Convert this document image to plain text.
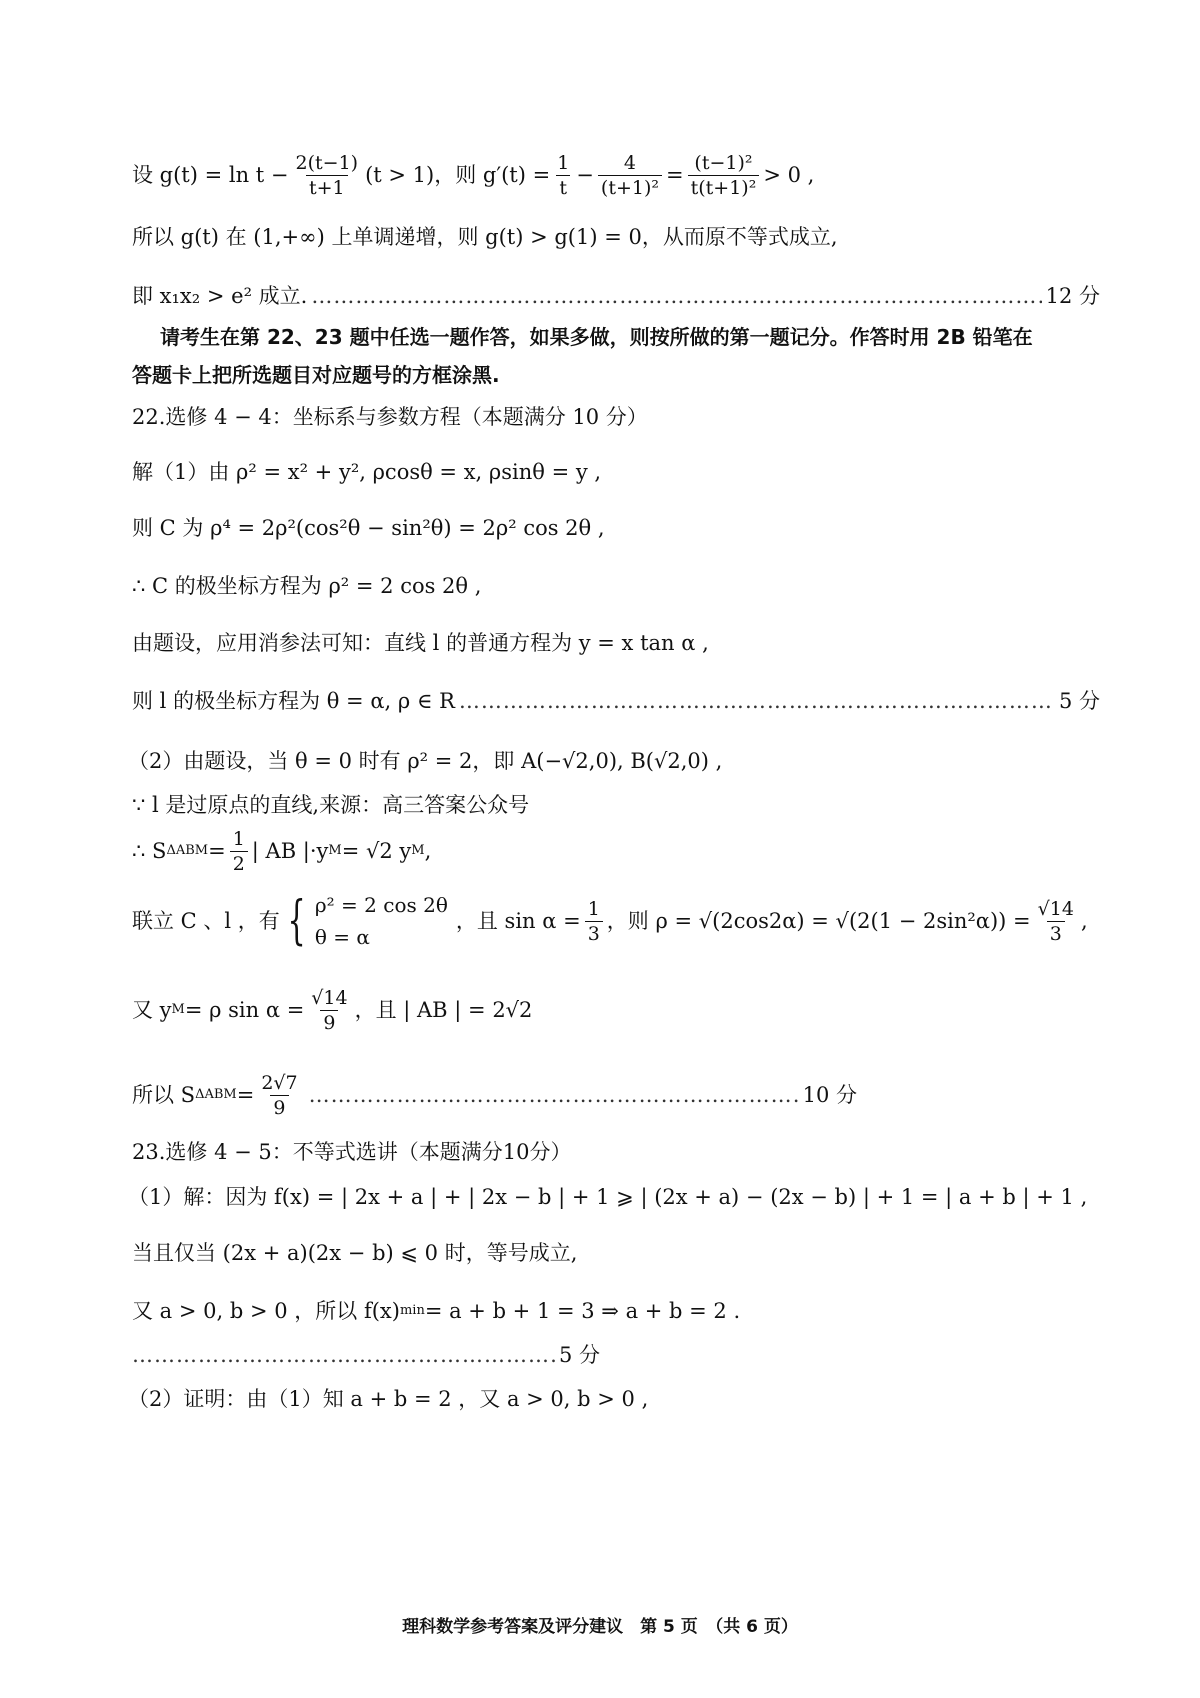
设 $g(t) = \ln t - \frac{2(t-1)}{t+1} (t > 1)$，则 $g'(t) = \frac{1}{t} - \frac{4}{\text{(t+1)²}} = \frac{\text{(t−1)²}}{\text{t(t+1)²}} > 0$ ,
所以 g(t) 在 (1,+∞) 上单调递增，则 g(t) > g(1) = 0，从而原不等式成立,
即 x₁x₂ > e² 成立. …………………………………………………………………………………………………………………………………………………………………………………………………………………………	12 分
请考生在第 22、23 题中任选一题作答，如果多做，则按所做的第一题记分。作答时用 2B 铅笔在
答题卡上把所选题目对应题号的方框涂黑.
22.选修 4 − 4：坐标系与参数方程（本题满分 10 分）
解（1）由 ρ² = x² + y², ρcosθ = x, ρsinθ = y ,
则 C 为 ρ⁴ = 2ρ²(cos²θ − sin²θ) = 2ρ² cos 2θ ,
∴ C 的极坐标方程为 ρ² = 2 cos 2θ ,
由题设，应用消参法可知：直线 l 的普通方程为 y = x tan α ,
则 l 的极坐标方程为 θ = α, ρ ∈ R …………………………………………………………………………………………………………………………………………………………………………………………………………………………	5 分
（2）由题设，当 θ = 0 时有 ρ² = 2，即 A(−√2,0), B(√2,0) ,
∵ l 是过原点的直线,来源：高三答案公众号
∴ S $\Delta ABM = \frac{1}{2}$ | AB |·y M = √2 y M ,
联立 C 、l ，有 { ρ² = 2 cos 2θ
θ = α
，且 $\sin \alpha = \frac{1}{3}$ ，则 $\rho = √(2\cos 2\alpha) = √(2(1 - 2\sin^2\alpha)) = \frac{√14}{3}$ ,
又 y M = ρ $\sin \alpha = \frac{√14}{9}$ ，且 | AB | = 2√2
所以 S $\Delta ABM = \frac{2√7}{9}$ …………………………………………………………………………………………………………………………………………………………………………………………………………………………	10 分
23.选修 4 − 5：不等式选讲（本题满分10分）
（1）解：因为 f(x) = | 2x + a | + | 2x − b | + 1 ⩾ | (2x + a) − (2x − b) | + 1 = | a + b | + 1 ,
当且仅当 (2x + a)(2x − b) ⩽ 0 时，等号成立,
又 a > 0, b > 0 ，所以 f(x) min = a + b + 1 = 3 ⇒ a + b = 2 .
…………………………………………………………………………………………………………………………………………………………………………………………………………………………
5 分
（2）证明：由（1）知 a + b = 2 ，又 a > 0, b > 0 ,
理科数学参考答案及评分建议　第 5 页　（共 6 页）
